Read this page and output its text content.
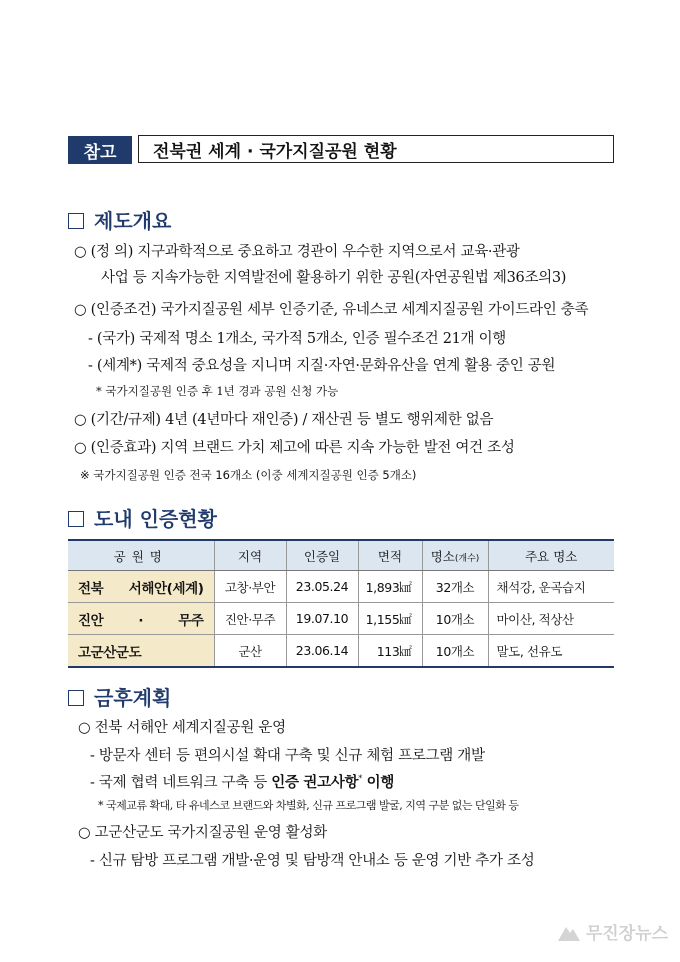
참고	전북권 세계 · 국가지질공원 현황
제도개요
○ (정 의) 지구과학적으로 중요하고 경관이 우수한 지역으로서 교육·관광
사업 등 지속가능한 지역발전에 활용하기 위한 공원(자연공원법 제36조의3)
○ (인증조건) 국가지질공원 세부 인증기준, 유네스코 세계지질공원 가이드라인 충족
- (국가) 국제적 명소 1개소, 국가적 5개소, 인증 필수조건 21개 이행
- (세계*) 국제적 중요성을 지니며 지질·자연·문화유산을 연계 활용 중인 공원
* 국가지질공원 인증 후 1년 경과 공원 신청 가능
○ (기간/규제) 4년 (4년마다 재인증) / 재산권 등 별도 행위제한 없음
○ (인증효과) 지역 브랜드 가치 제고에 따른 지속 가능한 발전 여건 조성
※ 국가지질공원 인증 전국 16개소 (이중 세계지질공원 인증 5개소)
도내 인증현황
공원명	지역	인증일	면적	명소(개수)	주요 명소
전북 서해안(세계)	고창·부안	23.05.24	1,893㎢	32개소	채석강, 운곡습지
진안 · 무주	진안·무주	19.07.10	1,155㎢	10개소	마이산, 적상산
고군산군도	군산	23.06.14	113㎢	10개소	말도, 선유도
금후계획
○ 전북 서해안 세계지질공원 운영
- 방문자 센터 등 편의시설 확대 구축 및 신규 체험 프로그램 개발
- 국제 협력 네트워크 구축 등 인증 권고사항* 이행
* 국제교류 확대, 타 유네스코 브랜드와 차별화, 신규 프로그램 발굴, 지역 구분 없는 단일화 등
○ 고군산군도 국가지질공원 운영 활성화
- 신규 탐방 프로그램 개발·운영 및 탐방객 안내소 등 운영 기반 추가 조성
무진장뉴스
